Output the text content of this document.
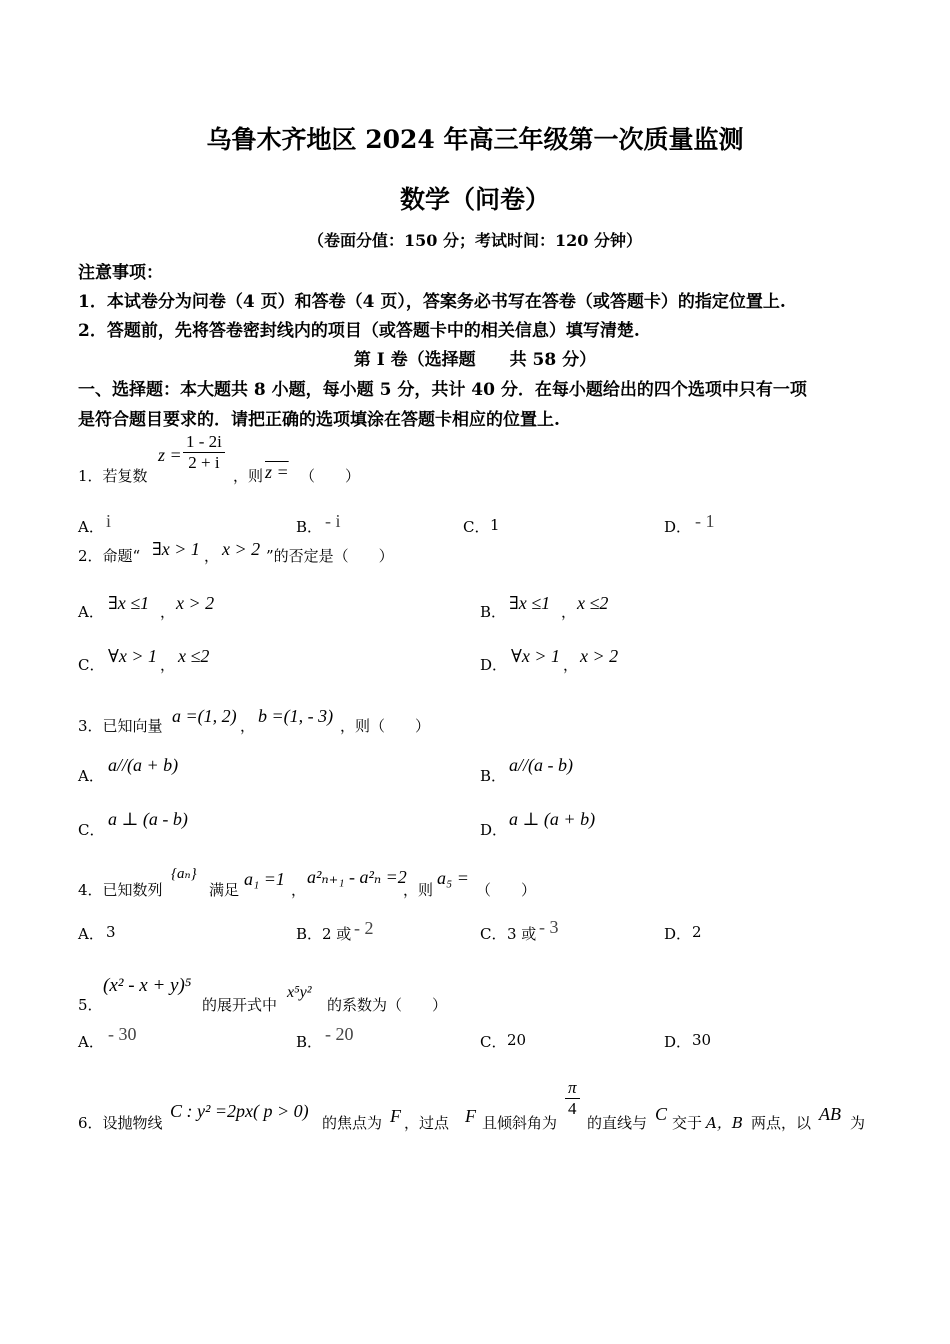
乌鲁木齐地区 2024 年高三年级第一次质量监测
数学（问卷）
（卷面分值：150 分；考试时间：120 分钟）
注意事项：
1．本试卷分为问卷（4 页）和答卷（4 页），答案务必书写在答卷（或答题卡）的指定位置上.
2．答题前，先将答卷密封线内的项目（或答题卡中的相关信息）填写清楚.
第 I 卷（选择题　　共 58 分）
一、选择题：本大题共 8 小题，每小题 5 分，共计 40 分．在每小题给出的四个选项中只有一项
是符合题目要求的．请把正确的选项填涂在答题卡相应的位置上.
1．若复数
$z = \frac{1 - 2i}{2 + i}$
，则 z = （　　）
A． i	B． - i	C． 1	D． - 1
2．命题“ ∃x > 1 ， x > 2 ”的否定是（　　）
A． ∃x ≤1 ， x > 2	B． ∃x ≤1 ， x ≤2
C． ∀x > 1 ， x ≤2	D． ∀x > 1 ， x > 2
3．已知向量 a =(1, 2) ， b =(1, - 3) ，则（　　）
A．
a//(a + b)
B．
a//(a - b)
C．
a ⊥ (a - b)
D．
a ⊥ (a + b)
4．已知数列
{aₙ}
满足
a₁ =1
，
a²ₙ₊₁ - a²ₙ =2
，则
a₅ =
（　　）
A． 3	B． 2 或 - 2	C． 3 或 - 3	D． 2
5．
(x² - x + y)⁵
的展开式中
x⁵y²
的系数为（　　）
A． - 30	B． - 20	C． 20	D． 30
6．设抛物线
C : y² =2px( p > 0)
的焦点为 F ，过点 F 且倾斜角为
$\frac{\pi}{4}$
的直线与 C 交于 A，B 两点，以 AB 为
